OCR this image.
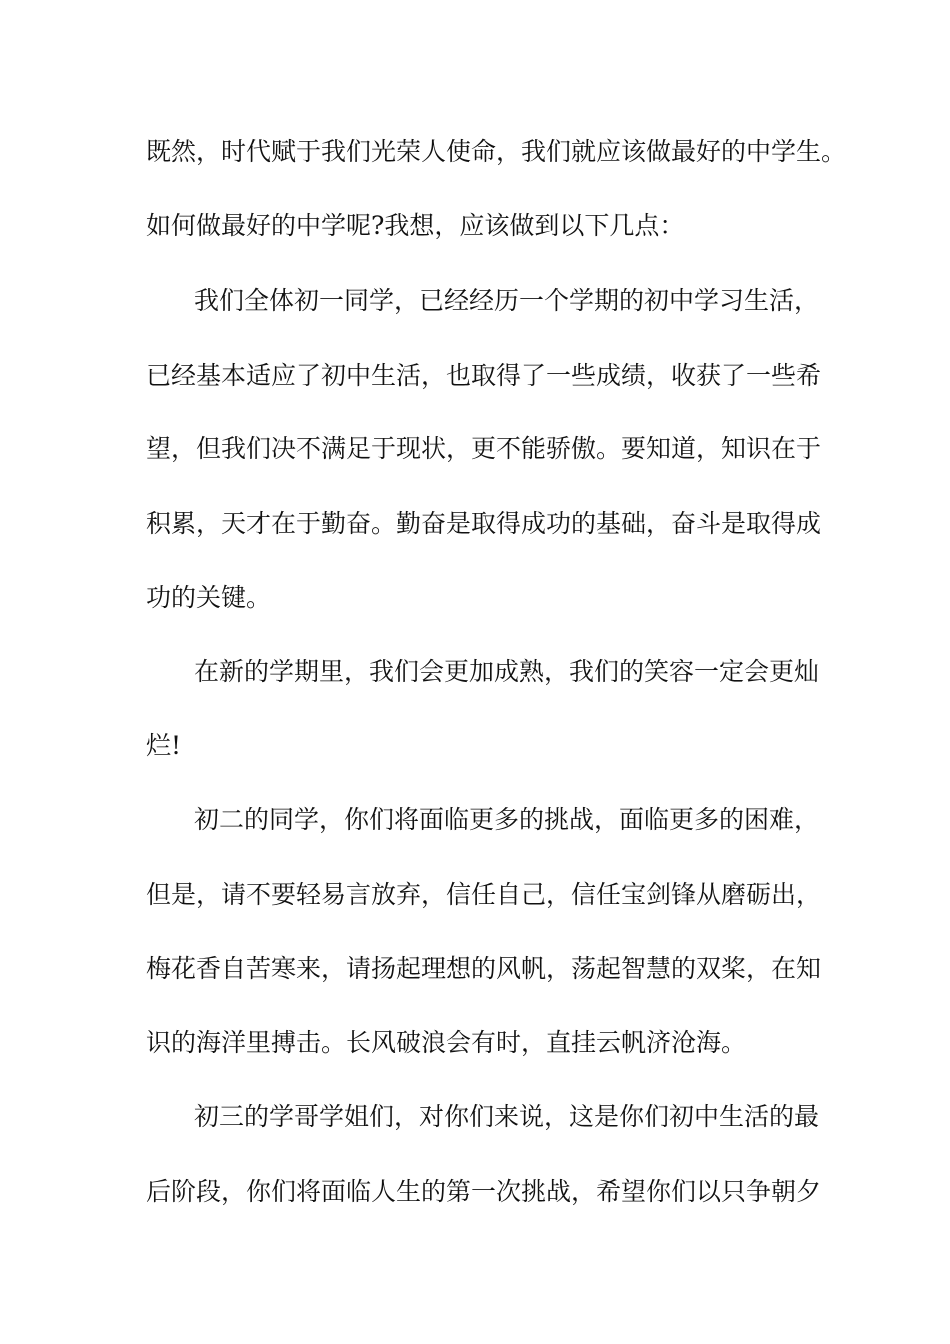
既然，时代赋于我们光荣人使命，我们就应该做最好的中学生。
如何做最好的中学呢?我想，应该做到以下几点：
我们全体初一同学，已经经历一个学期的初中学习生活，
已经基本适应了初中生活，也取得了一些成绩，收获了一些希
望，但我们决不满足于现状，更不能骄傲。要知道，知识在于
积累，天才在于勤奋。勤奋是取得成功的基础，奋斗是取得成
功的关键。
在新的学期里，我们会更加成熟，我们的笑容一定会更灿
烂!
初二的同学，你们将面临更多的挑战，面临更多的困难，
但是，请不要轻易言放弃，信任自己，信任宝剑锋从磨砺出，
梅花香自苦寒来，请扬起理想的风帆，荡起智慧的双桨，在知
识的海洋里搏击。长风破浪会有时，直挂云帆济沧海。
初三的学哥学姐们，对你们来说，这是你们初中生活的最
后阶段，你们将面临人生的第一次挑战，希望你们以只争朝夕
